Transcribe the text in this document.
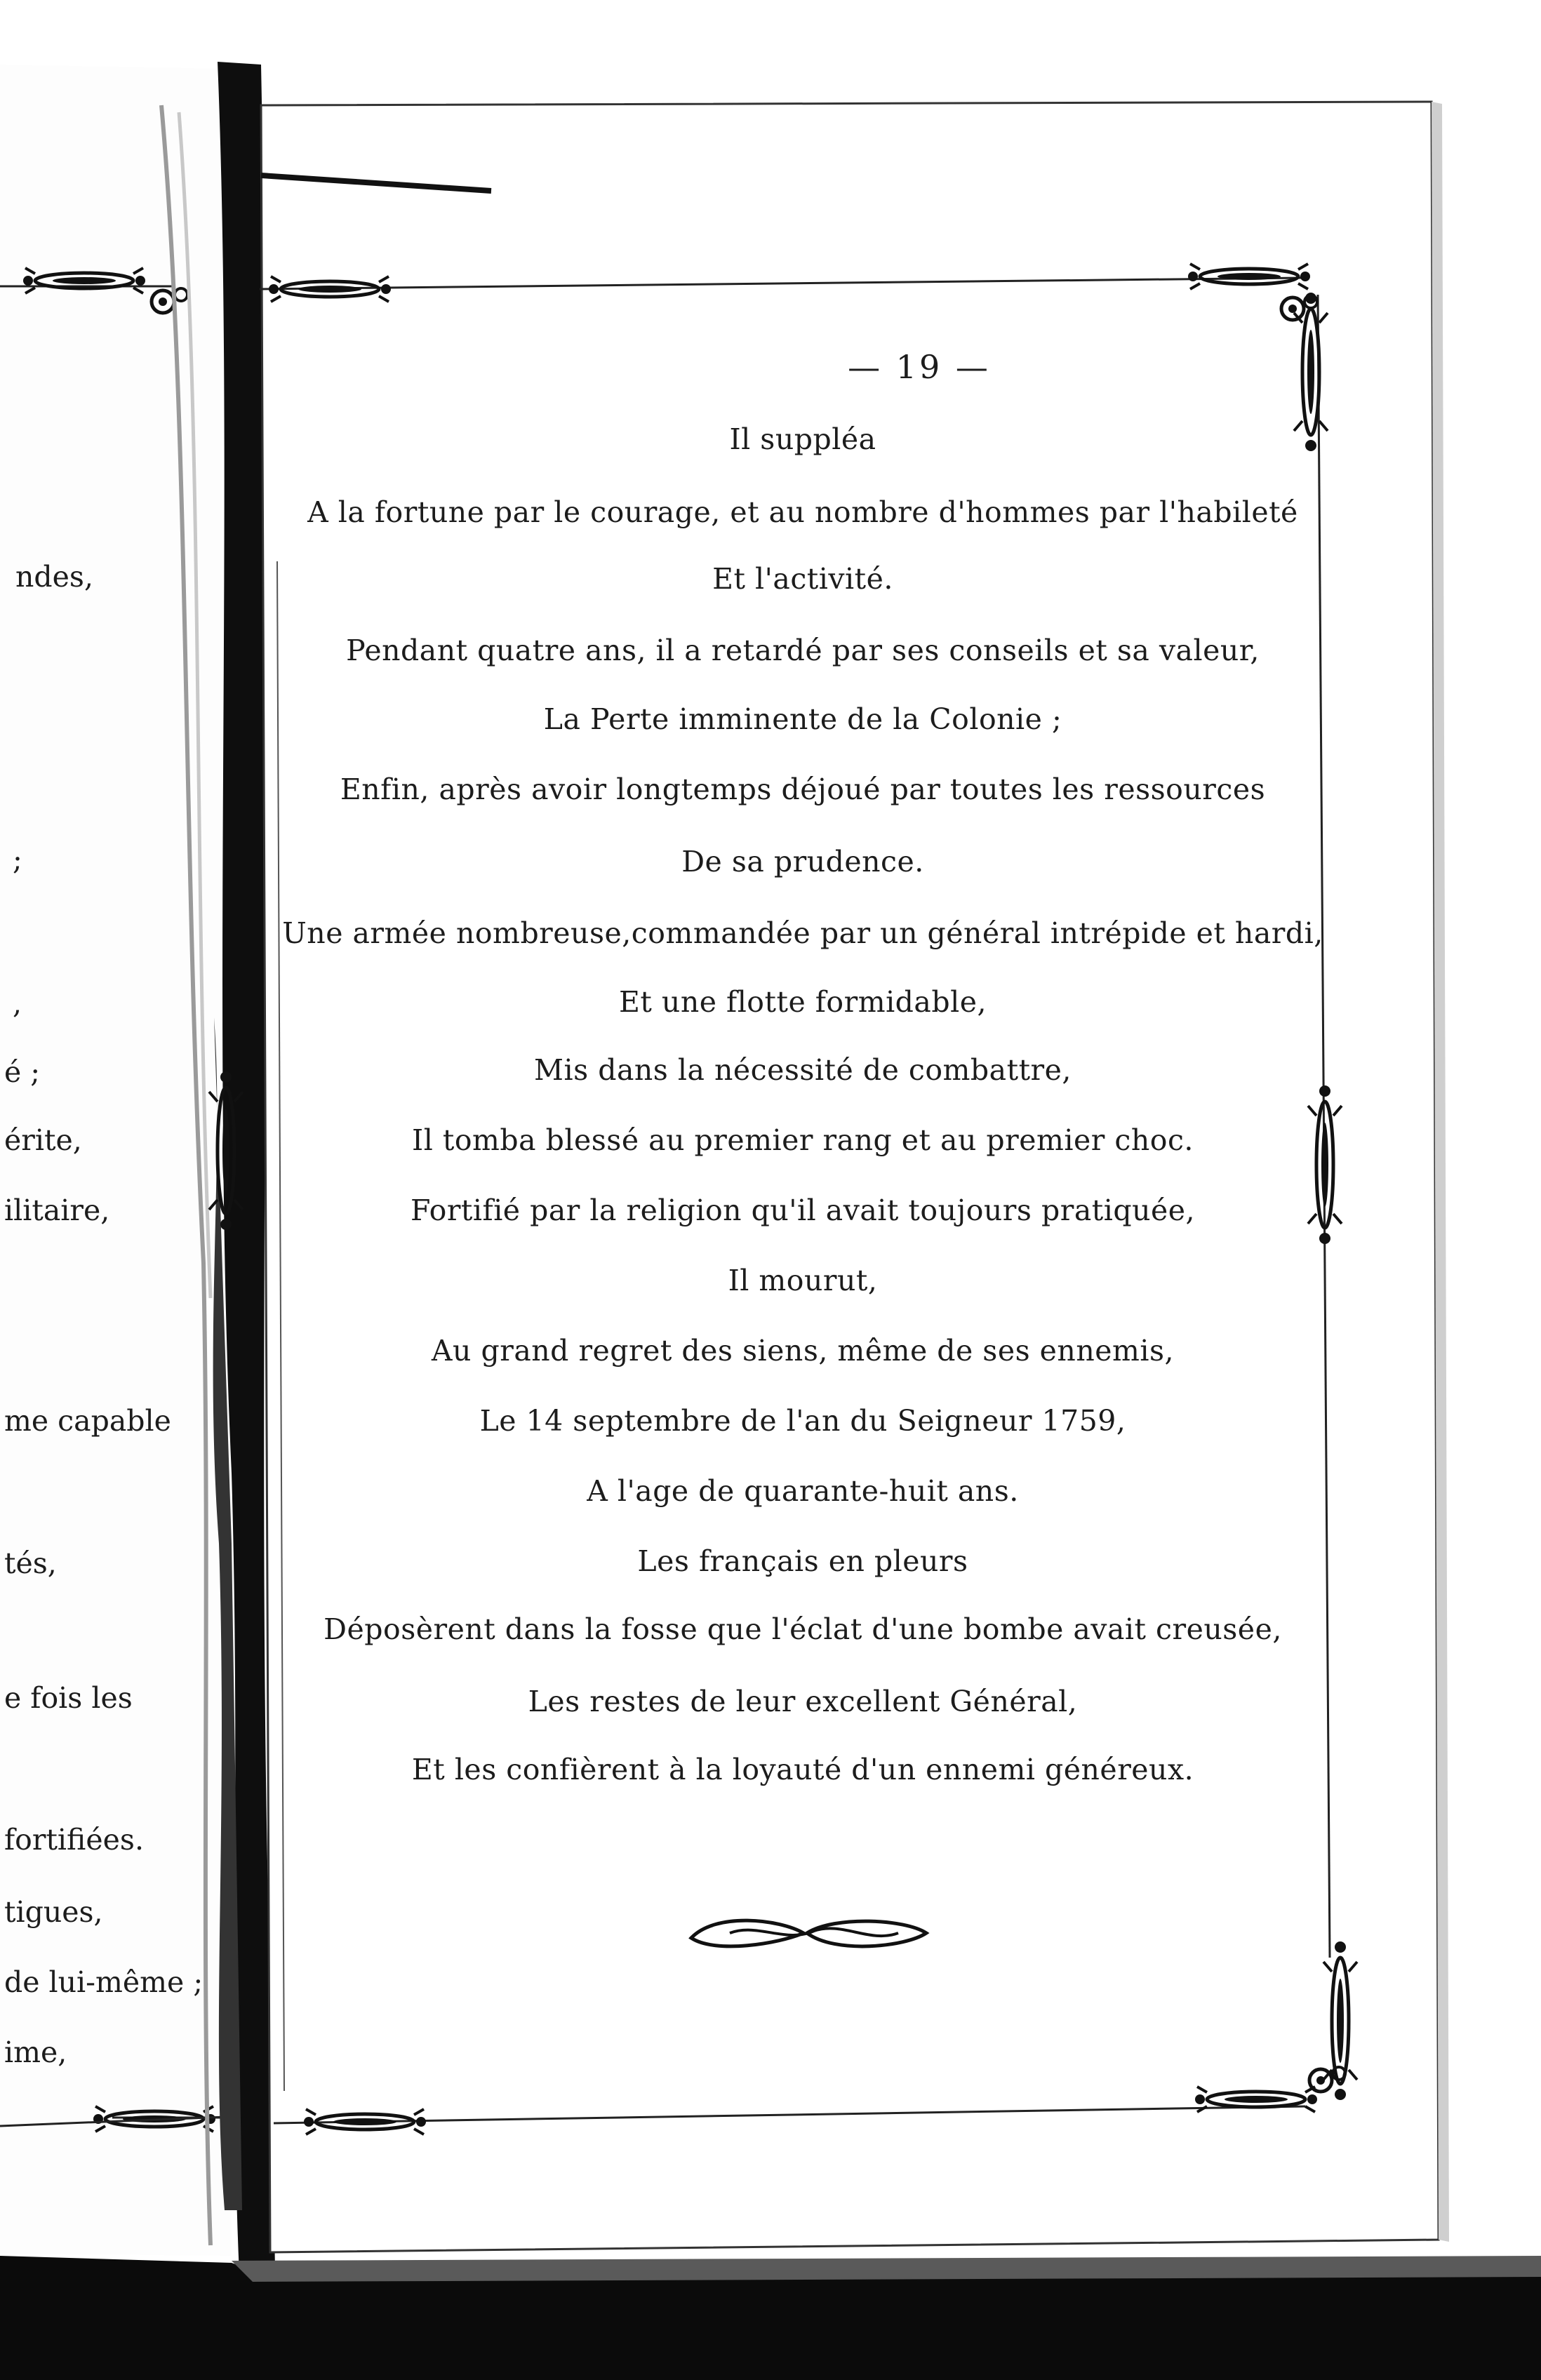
ndes,
;
,
é ;
érite,
ilitaire,
me capable
tés,
e fois les
fortifiées.
tigues,
de lui-même ;
ime,
— 19 —
Il suppléa
A la fortune par le courage, et au nombre d'hommes par l'habileté
Et l'activité.
Pendant quatre ans, il a retardé par ses conseils et sa valeur,
La Perte imminente de la Colonie ;
Enfin, après avoir longtemps déjoué par toutes les ressources
De sa prudence.
Une armée nombreuse,commandée par un général intrépide et hardi,
Et une flotte formidable,
Mis dans la nécessité de combattre,
Il tomba blessé au premier rang et au premier choc.
Fortifié par la religion qu'il avait toujours pratiquée,
Il mourut,
Au grand regret des siens, même de ses ennemis,
Le 14 septembre de l'an du Seigneur 1759,
A l'age de quarante-huit ans.
Les français en pleurs
Déposèrent dans la fosse que l'éclat d'une bombe avait creusée,
Les restes de leur excellent Général,
Et les confièrent à la loyauté d'un ennemi généreux.
